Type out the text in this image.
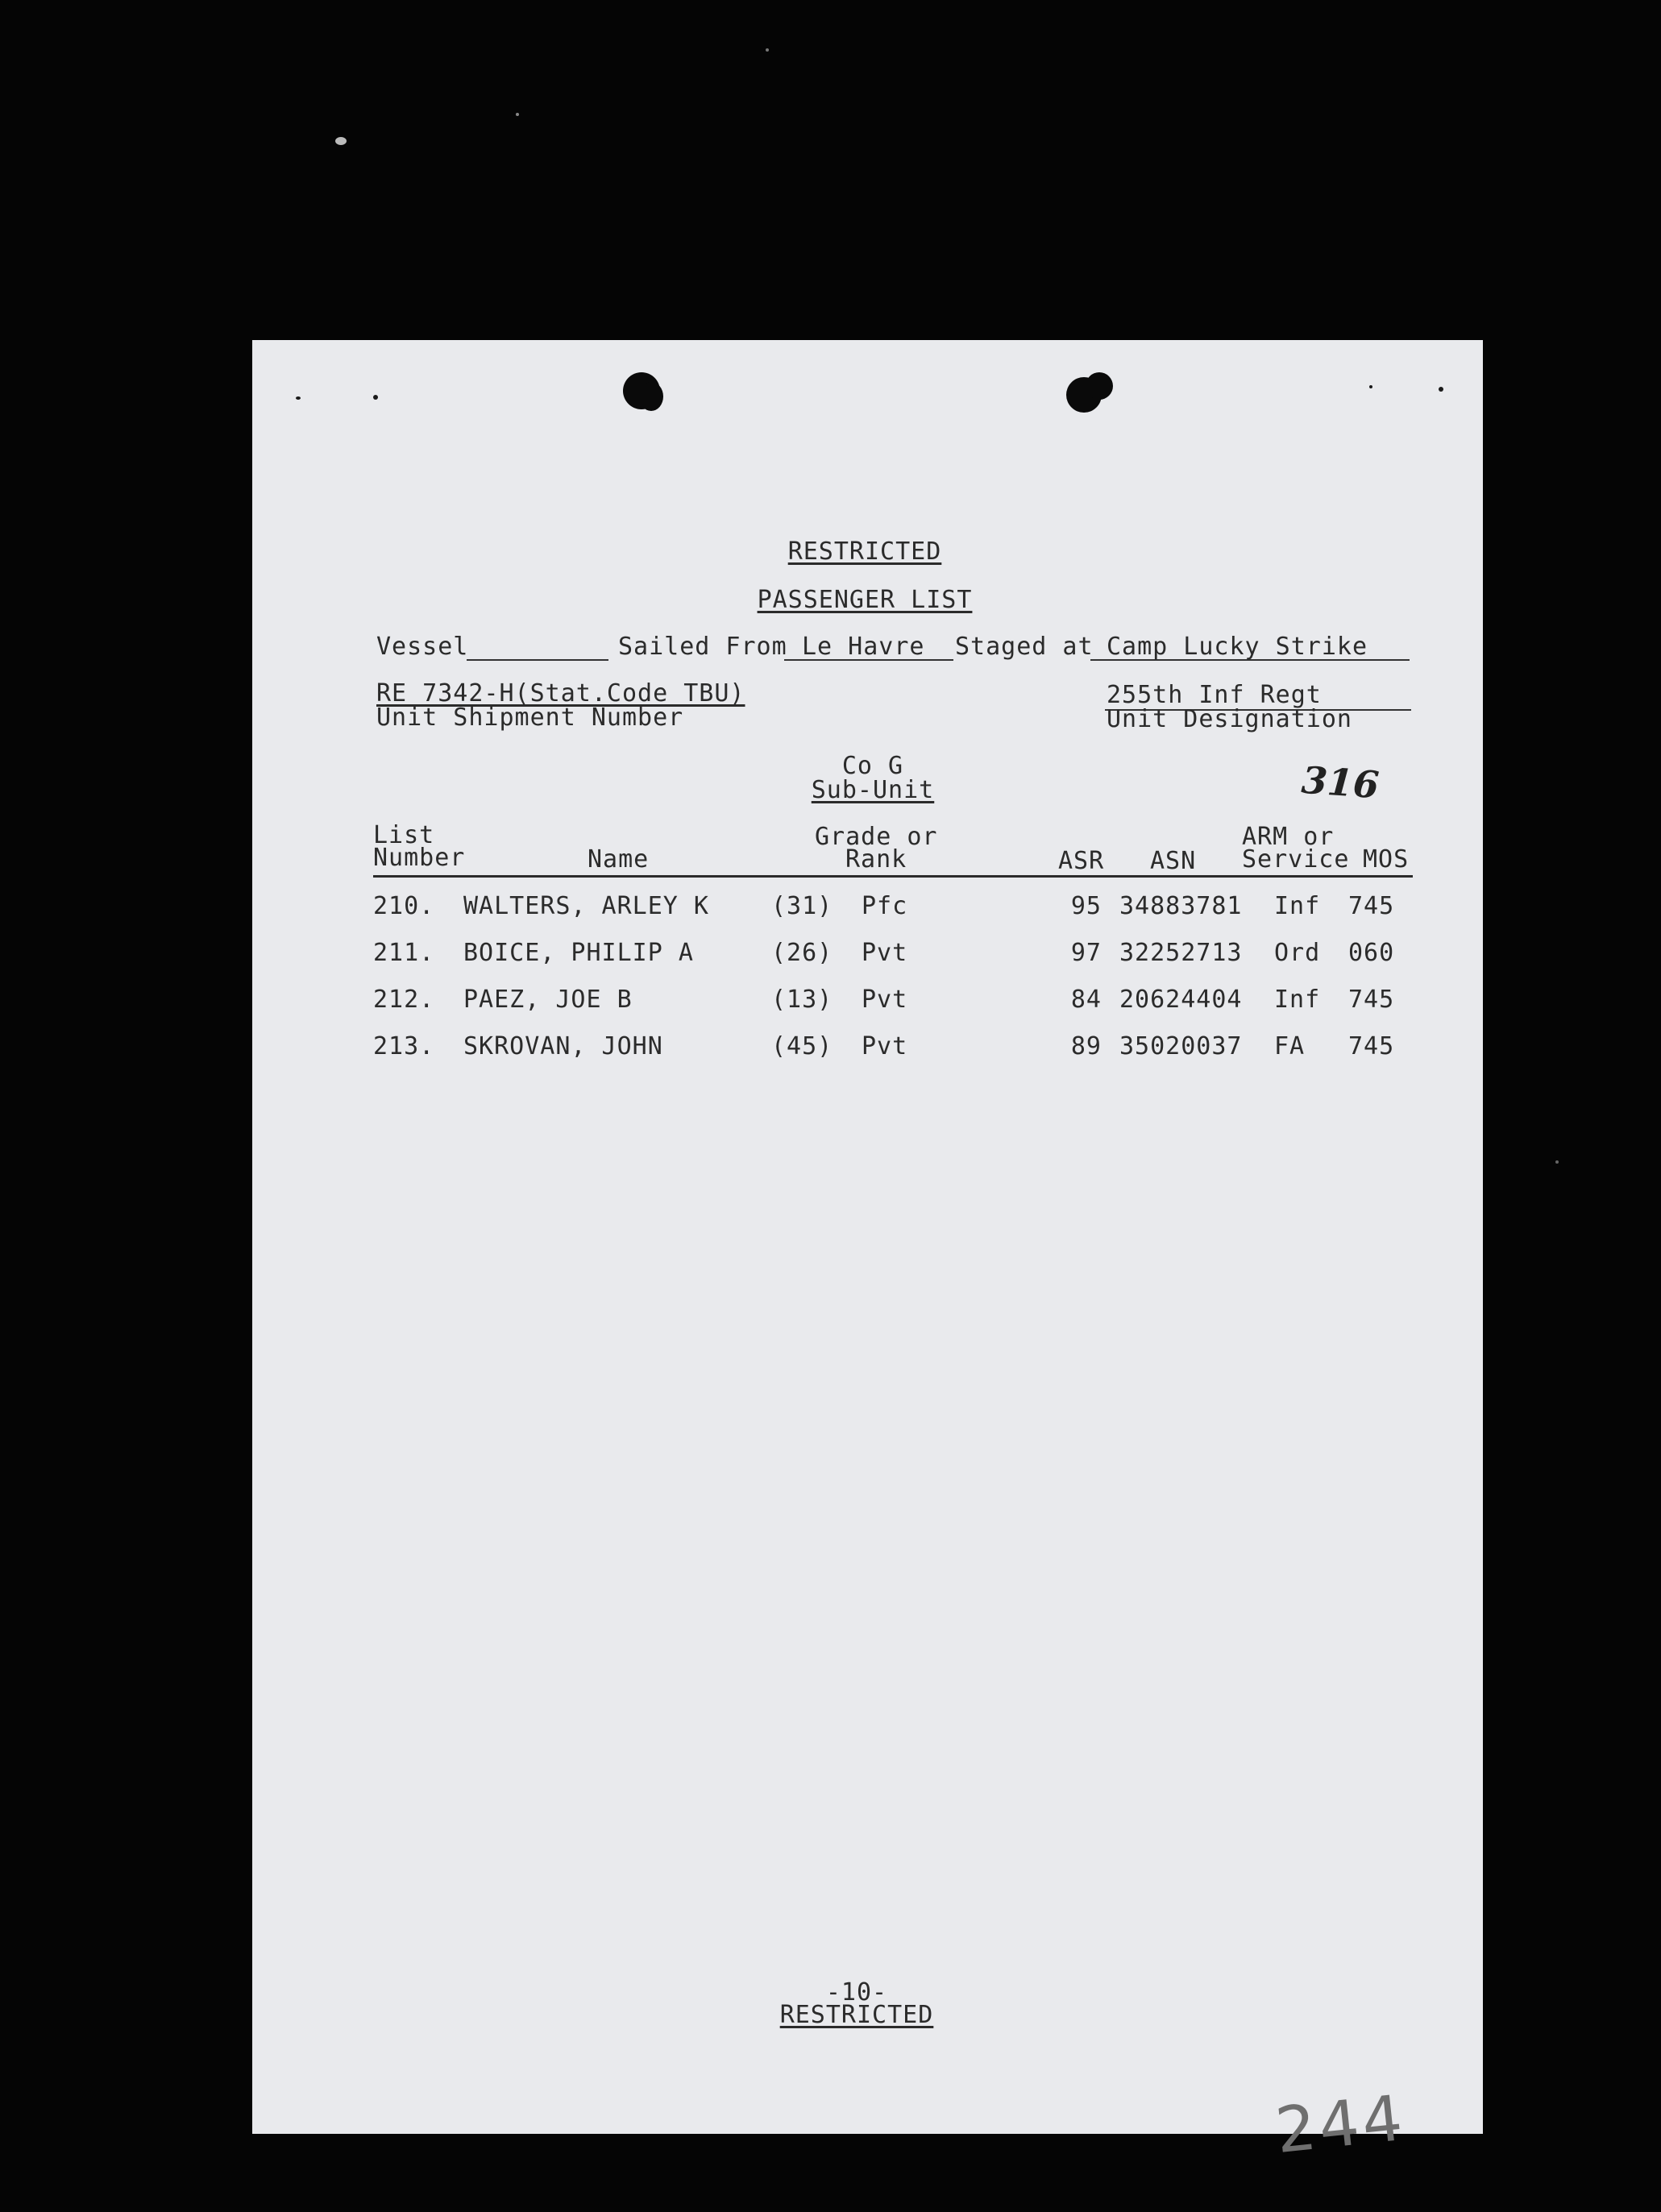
RESTRICTED
PASSENGER LIST
Vessel	Sailed From Le Havre Staged at Camp Lucky Strike
RE 7342-H(Stat.Code TBU)
Unit Shipment Number
255th Inf Regt
Unit Designation
Co G
Sub-Unit	316
List
Number	Name
Grade or
Rank	ASR ASN
ARM or
Service MOS
210. WALTERS, ARLEY K	(31) Pfc	95 34883781 Inf 745
211. BOICE, PHILIP A	(26) Pvt	97 32252713 Ord 060
212. PAEZ, JOE B	(13) Pvt	84 20624404 Inf 745
213. SKROVAN, JOHN	(45) Pvt	89 35020037 FA 745
-10-
RESTRICTED
244
